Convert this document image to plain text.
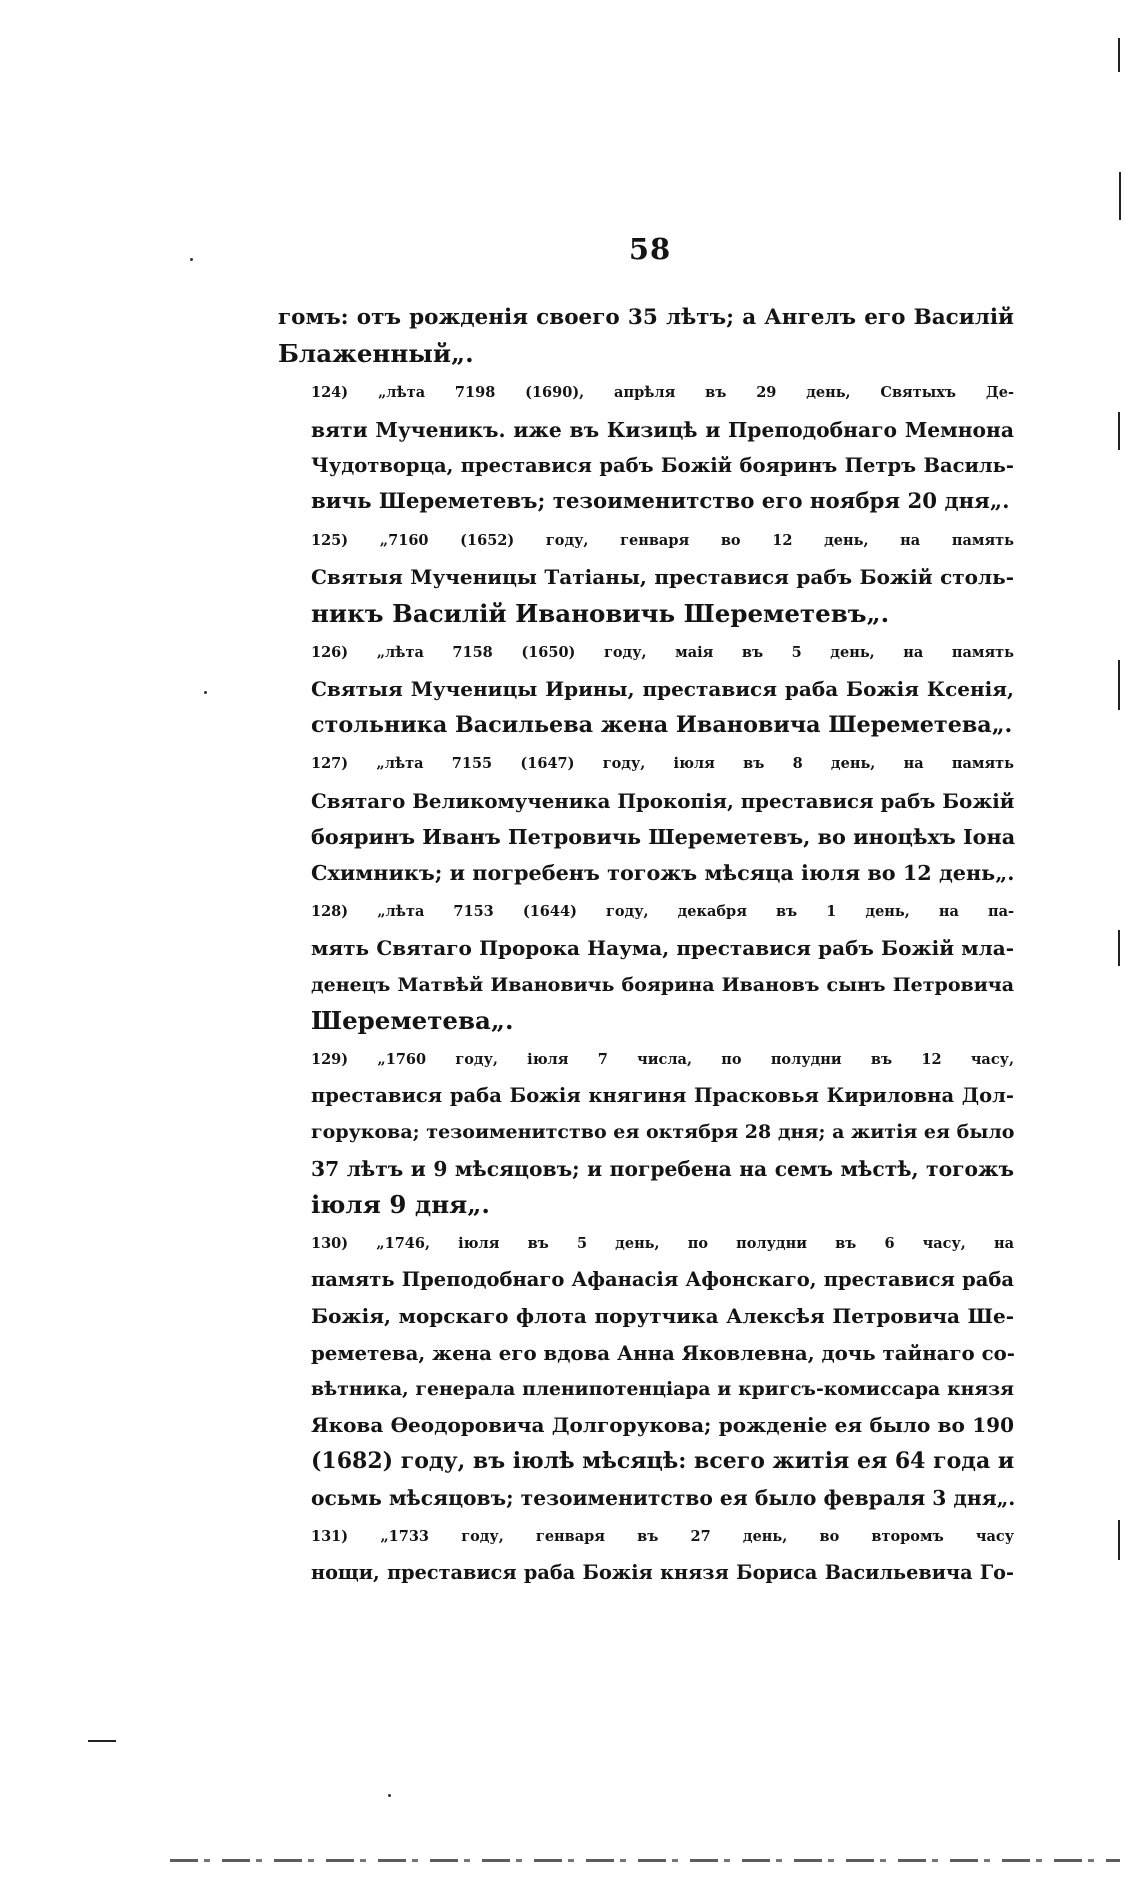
58

гомъ: отъ рожденія своего 35 лѣтъ; а Ангелъ его Василій
Блаженный„.

124) „лѣта 7198 (1690), апрѣля въ 29 день, Святыхъ Де-
вяти Мученикъ. иже въ Кизицѣ и Преподобнаго Мемнона
Чудотворца, преставися рабъ Божій бояринъ Петръ Василь-
вичь Шереметевъ; тезоименитство его ноября 20 дня„.

125) „7160 (1652) году, генваря во 12 день, на память
Святыя Мученицы Татіаны, преставися рабъ Божій столь-
никъ Василій Ивановичь Шереметевъ„.

126) „лѣта 7158 (1650) году, маія въ 5 день, на память
Святыя Мученицы Ирины, преставися раба Божія Ксенія,
стольника Васильева жена Ивановича Шереметева„.

127) „лѣта 7155 (1647) году, іюля въ 8 день, на память
Святаго Великомученика Прокопія, преставися рабъ Божій
бояринъ Иванъ Петровичь Шереметевъ, во иноцѣхъ Іона
Схимникъ; и погребенъ тогожъ мѣсяца іюля во 12 день„.

128) „лѣта 7153 (1644) году, декабря въ 1 день, на па-
мять Святаго Пророка Наума, преставися рабъ Божій мла-
денецъ Матвѣй Ивановичь боярина Ивановъ сынъ Петровича
Шереметева„.

129) „1760 году, іюля 7 числа, по полудни въ 12 часу,
преставися раба Божія княгиня Прасковья Кириловна Дол-
горукова; тезоименитство ея октября 28 дня; а житія ея было
37 лѣтъ и 9 мѣсяцовъ; и погребена на семъ мѣстѣ, тогожъ
іюля 9 дня„.

130) „1746, іюля въ 5 день, по полудни въ 6 часу, на
память Преподобнаго Афанасія Афонскаго, преставися раба
Божія, морскаго флота порутчика Алексѣя Петровича Ше-
реметева, жена его вдова Анна Яковлевна, дочь тайнаго со-
вѣтника, генерала пленипотенціара и кригсъ-комиссара князя
Якова Ѳеодоровича Долгорукова; рожденіе ея было во 190
(1682) году, въ іюлѣ мѣсяцѣ: всего житія ея 64 года и
осьмь мѣсяцовъ; тезоименитство ея было февраля 3 дня„.

131) „1733 году, генваря въ 27 день, во второмъ часу
нощи, преставися раба Божія князя Бориса Васильевича Го-
